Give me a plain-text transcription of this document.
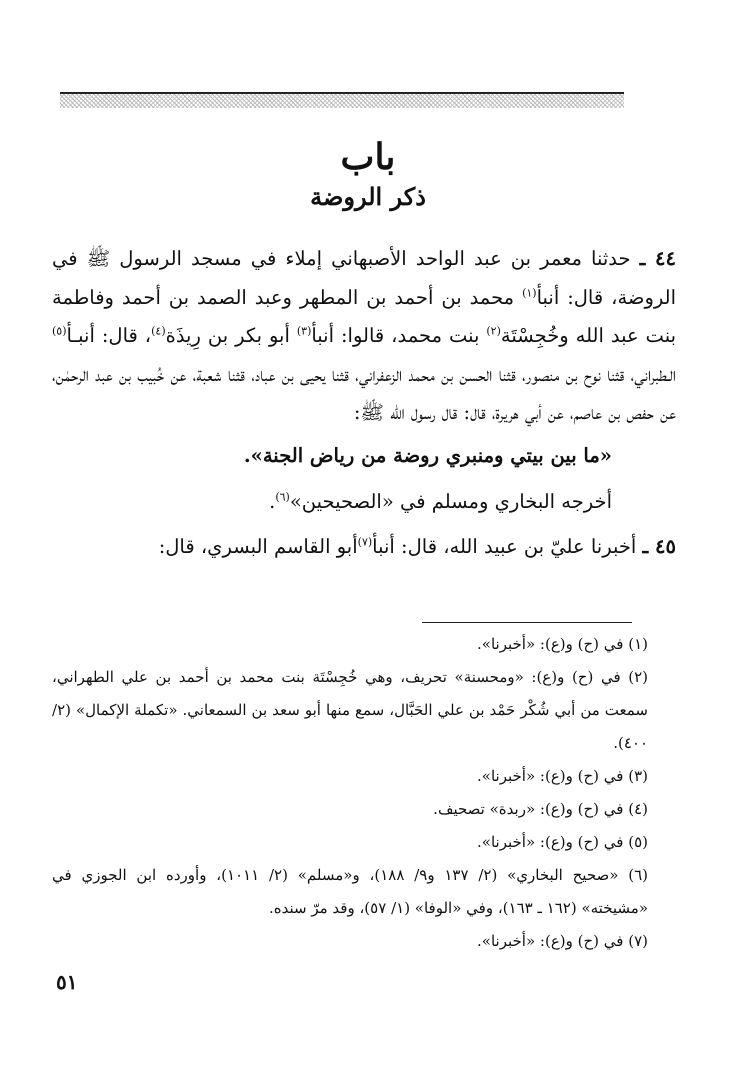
باب
ذكر الروضة

٤٤ ـ حدثنا معمر بن عبد الواحد الأصبهاني إملاء في مسجد الرسول ﷺ في الروضة، قال: أنبأ$^{(١)}$ محمد بن أحمد بن المطهر وعبد الصمد بن أحمد وفاطمة بنت عبد الله وخُجِسْتَة$^{(٢)}$ بنت محمد، قالوا: أنبأ$^{(٣)}$ أبو بكر بن رِيذَة$^{(٤)}$، قال: أنبـأ$^{(٥)}$ الـطبراني، قثنا نوح بن منصور، قثنا الحسن بن محمد الزعفراني، قثنا يحيى بن عباد، قثنا شعبة، عن خُبيب بن عبد الرحمٰن، عن حفص بن عاصم، عن أبي هريرة، قال: قال رسول الله ﷺ:

«ما بين بيتي ومنبري روضة من رياض الجنة».

أخرجه البخاري ومسلم في «الصحيحين»$^{(٦)}$.

٤٥ ـ أخبرنا عليّ بن عبيد الله، قال: أنبأ$^{(٧)}$أبو القاسم البسري، قال:

(١) في (ح) و(ع): «أخبرنا».

(٢) في (ح) و(ع): «ومحسنة» تحريف، وهي خُجِسْتَة بنت محمد بن أحمد بن علي الطهراني، سمعت من أبي شُكْر حَمْد بن علي الحَبَّال، سمع منها أبو سعد بن السمعاني. «تكملة الإكمال» (٢/ ٤٠٠).

(٣) في (ح) و(ع): «أخبرنا».

(٤) في (ح) و(ع): «ربدة» تصحيف.

(٥) في (ح) و(ع): «أخبرنا».

(٦) «صحيح البخاري» (٢/ ١٣٧ و٩/ ١٨٨)، و«مسلم» (٢/ ١٠١١)، وأورده ابن الجوزي في «مشيخته» (١٦٢ ـ ١٦٣)، وفي «الوفا» (١/ ٥٧)، وقد مرّ سنده.

(٧) في (ح) و(ع): «أخبرنا».

٥١
